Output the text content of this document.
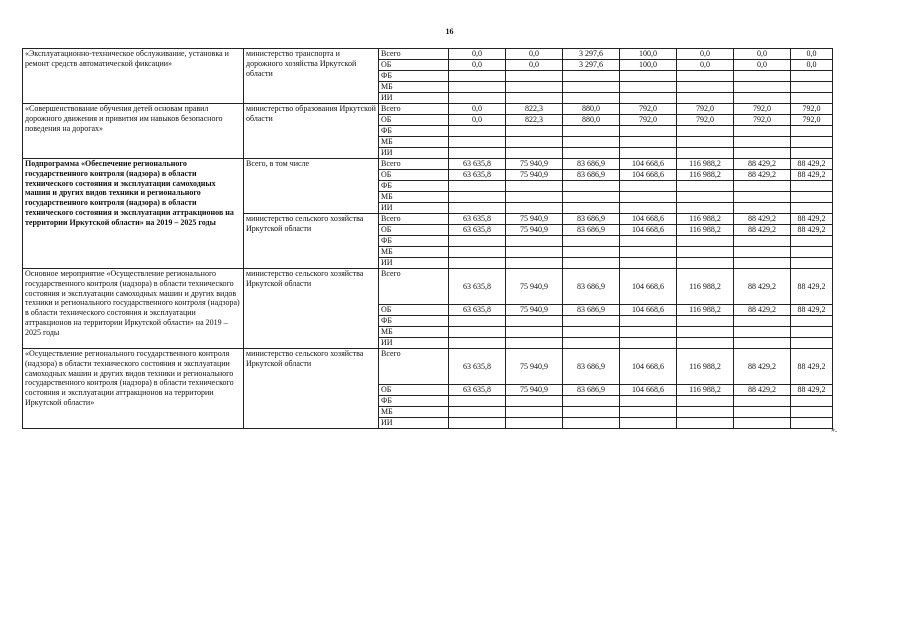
16
«Эксплуатационно-техническое обслуживание, установка и ремонт средств автоматической фиксации»	министерство транспорта и дорожного хозяйства Иркутской области	Всего	0,0	0,0	3 297,6	100,0	0,0	0,0	0,0
		ОБ	0,0	0,0	3 297,6	100,0	0,0	0,0	0,0
		ФБ							
		МБ							
		ИИ							
«Совершенствование обучения детей основам правил дорожного движения и привития им навыков безопасного поведения на дорогах»	министерство образования Иркутской области	Всего	0,0	822,3	880,0	792,0	792,0	792,0	792,0
		ОБ	0,0	822,3	880,0	792,0	792,0	792,0	792,0
		ФБ							
		МБ							
		ИИ							
Подпрограмма «Обеспечение регионального государственного контроля (надзора) в области технического состояния и эксплуатации самоходных машин и других видов техники и регионального государственного контроля (надзора) в области технического состояния и эксплуатации аттракционов на территории Иркутской области» на 2019 – 2025 годы	Всего, в том числе	Всего	63 635,8	75 940,9	83 686,9	104 668,6	116 988,2	88 429,2	88 429,2
		ОБ	63 635,8	75 940,9	83 686,9	104 668,6	116 988,2	88 429,2	88 429,2
		ФБ							
		МБ							
		ИИ							
	министерство сельского хозяйства Иркутской области	Всего	63 635,8	75 940,9	83 686,9	104 668,6	116 988,2	88 429,2	88 429,2
		ОБ	63 635,8	75 940,9	83 686,9	104 668,6	116 988,2	88 429,2	88 429,2
		ФБ							
		МБ							
		ИИ							
Основное мероприятие «Осуществление регионального государственного контроля (надзора) в области технического состояния и эксплуатации самоходных машин и других видов техники и регионального государственного контроля (надзора) в области технического состояния и эксплуатации аттракционов на территории Иркутской области» на 2019 – 2025 годы	министерство сельского хозяйства Иркутской области	Всего	63 635,8	75 940,9	83 686,9	104 668,6	116 988,2	88 429,2	88 429,2
		ОБ	63 635,8	75 940,9	83 686,9	104 668,6	116 988,2	88 429,2	88 429,2
		ФБ							
		МБ							
		ИИ							
«Осуществление регионального государственного контроля (надзора) в области технического состояния и эксплуатации самоходных машин и других видов техники и регионального государственного контроля (надзора) в области технического состояния и эксплуатации аттракционов на территории Иркутской области»	министерство сельского хозяйства Иркутской области	Всего	63 635,8	75 940,9	83 686,9	104 668,6	116 988,2	88 429,2	88 429,2
		ОБ	63 635,8	75 940,9	83 686,9	104 668,6	116 988,2	88 429,2	88 429,2
		ФБ							
		МБ							
		ИИ							
».
